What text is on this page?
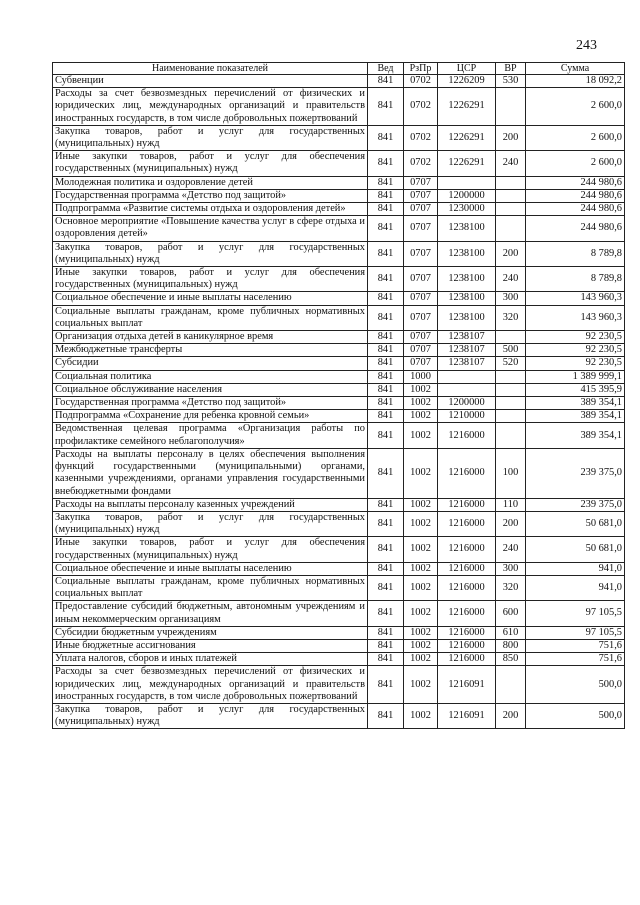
243
Наименование показателей	Вед	РзПр	ЦСР	ВР	Сумма
Субвенции	841	0702	1226209	530	18 092,2
Расходы за счет безвозмездных перечислений от физических и юридических лиц, международных организаций и правительств иностранных государств, в том числе добровольных пожертвований	841	0702	1226291		2 600,0
Закупка товаров, работ и услуг для государственных (муниципальных) нужд	841	0702	1226291	200	2 600,0
Иные закупки товаров, работ и услуг для обеспечения государственных (муниципальных) нужд	841	0702	1226291	240	2 600,0
Молодежная политика и оздоровление детей	841	0707			244 980,6
Государственная программа «Детство под защитой»	841	0707	1200000		244 980,6
Подпрограмма «Развитие системы отдыха и оздоровления детей»	841	0707	1230000		244 980,6
Основное мероприятие «Повышение качества услуг в сфере отдыха и оздоровления детей»	841	0707	1238100		244 980,6
Закупка товаров, работ и услуг для государственных (муниципальных) нужд	841	0707	1238100	200	8 789,8
Иные закупки товаров, работ и услуг для обеспечения государственных (муниципальных) нужд	841	0707	1238100	240	8 789,8
Социальное обеспечение и иные выплаты населению	841	0707	1238100	300	143 960,3
Социальные выплаты гражданам, кроме публичных нормативных социальных выплат	841	0707	1238100	320	143 960,3
Организация отдыха детей в каникулярное время	841	0707	1238107		92 230,5
Межбюджетные трансферты	841	0707	1238107	500	92 230,5
Субсидии	841	0707	1238107	520	92 230,5
Социальная политика	841	1000			1 389 999,1
Социальное обслуживание населения	841	1002			415 395,9
Государственная программа «Детство под защитой»	841	1002	1200000		389 354,1
Подпрограмма «Сохранение для ребенка кровной семьи»	841	1002	1210000		389 354,1
Ведомственная целевая программа «Организация работы по профилактике семейного неблагополучия»	841	1002	1216000		389 354,1
Расходы на выплаты персоналу в целях обеспечения выполнения функций государственными (муниципальными) органами, казенными учреждениями, органами управления государственными внебюджетными фондами	841	1002	1216000	100	239 375,0
Расходы на выплаты персоналу казенных учреждений	841	1002	1216000	110	239 375,0
Закупка товаров, работ и услуг для государственных (муниципальных) нужд	841	1002	1216000	200	50 681,0
Иные закупки товаров, работ и услуг для обеспечения государственных (муниципальных) нужд	841	1002	1216000	240	50 681,0
Социальное обеспечение и иные выплаты населению	841	1002	1216000	300	941,0
Социальные выплаты гражданам, кроме публичных нормативных социальных выплат	841	1002	1216000	320	941,0
Предоставление субсидий бюджетным, автономным учреждениям и иным некоммерческим организациям	841	1002	1216000	600	97 105,5
Субсидии бюджетным учреждениям	841	1002	1216000	610	97 105,5
Иные бюджетные ассигнования	841	1002	1216000	800	751,6
Уплата налогов, сборов и иных платежей	841	1002	1216000	850	751,6
Расходы за счет безвозмездных перечислений от физических и юридических лиц, международных организаций и правительств иностранных государств, в том числе добровольных пожертвований	841	1002	1216091		500,0
Закупка товаров, работ и услуг для государственных (муниципальных) нужд	841	1002	1216091	200	500,0
